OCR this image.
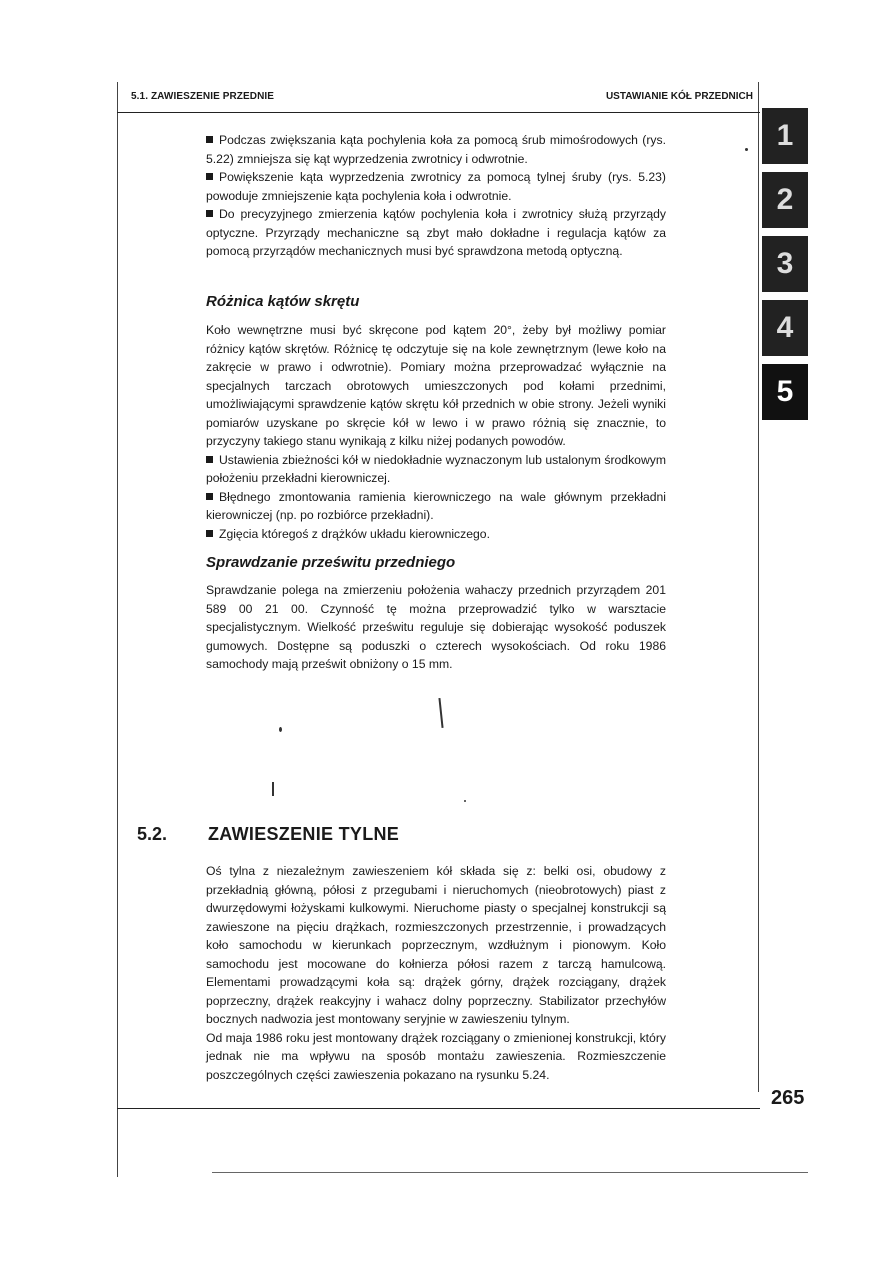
5.1. ZAWIESZENIE PRZEDNIE	USTAWIANIE KÓŁ PRZEDNICH
1
2
3
4
5

Podczas zwiększania kąta pochylenia koła za pomocą śrub mimośrodowych (rys. 5.22) zmniejsza się kąt wyprzedzenia zwrotnicy i odwrotnie.

Powiększenie kąta wyprzedzenia zwrotnicy za pomocą tylnej śruby (rys. 5.23) powoduje zmniejszenie kąta pochylenia koła i odwrotnie.

Do precyzyjnego zmierzenia kątów pochylenia koła i zwrotnicy służą przyrządy optyczne. Przyrządy mechaniczne są zbyt mało dokładne i regulacja kątów za pomocą przyrządów mechanicznych musi być sprawdzona metodą optyczną.

Różnica kątów skrętu

Koło wewnętrzne musi być skręcone pod kątem 20°, żeby był możliwy pomiar różnicy kątów skrętów. Różnicę tę odczytuje się na kole zewnętrznym (lewe koło na zakręcie w prawo i odwrotnie). Pomiary można przeprowadzać wyłącznie na specjalnych tarczach obrotowych umieszczonych pod kołami przednimi, umożliwiającymi sprawdzenie kątów skrętu kół przednich w obie strony. Jeżeli wyniki pomiarów uzyskane po skręcie kół w lewo i w prawo różnią się znacznie, to przyczyny takiego stanu wynikają z kilku niżej podanych powodów.

Ustawienia zbieżności kół w niedokładnie wyznaczonym lub ustalonym środkowym położeniu przekładni kierowniczej.

Błędnego zmontowania ramienia kierowniczego na wale głównym przekładni kierowniczej (np. po rozbiórce przekładni).

Zgięcia któregoś z drążków układu kierowniczego.

Sprawdzanie prześwitu przedniego

Sprawdzanie polega na zmierzeniu położenia wahaczy przednich przyrządem 201 589 00 21 00. Czynność tę można przeprowadzić tylko w warsztacie specjalistycznym. Wielkość prześwitu reguluje się dobierając wysokość poduszek gumowych. Dostępne są poduszki o czterech wysokościach. Od roku 1986 samochody mają prześwit obniżony o 15 mm.

5.2. ZAWIESZENIE TYLNE

Oś tylna z niezależnym zawieszeniem kół składa się z: belki osi, obudowy z przekładnią główną, półosi z przegubami i nieruchomych (nieobrotowych) piast z dwurzędowymi łożyskami kulkowymi. Nieruchome piasty o specjalnej konstrukcji są zawieszone na pięciu drążkach, rozmieszczonych przestrzennie, i prowadzących koło samochodu w kierunkach poprzecznym, wzdłużnym i pionowym. Koło samochodu jest mocowane do kołnierza półosi razem z tarczą hamulcową. Elementami prowadzącymi koła są: drążek górny, drążek rozciągany, drążek poprzeczny, drążek reakcyjny i wahacz dolny poprzeczny. Stabilizator przechyłów bocznych nadwozia jest montowany seryjnie w zawieszeniu tylnym.

Od maja 1986 roku jest montowany drążek rozciągany o zmienionej konstrukcji, który jednak nie ma wpływu na sposób montażu zawieszenia. Rozmieszczenie poszczególnych części zawieszenia pokazano na rysunku 5.24.

265
